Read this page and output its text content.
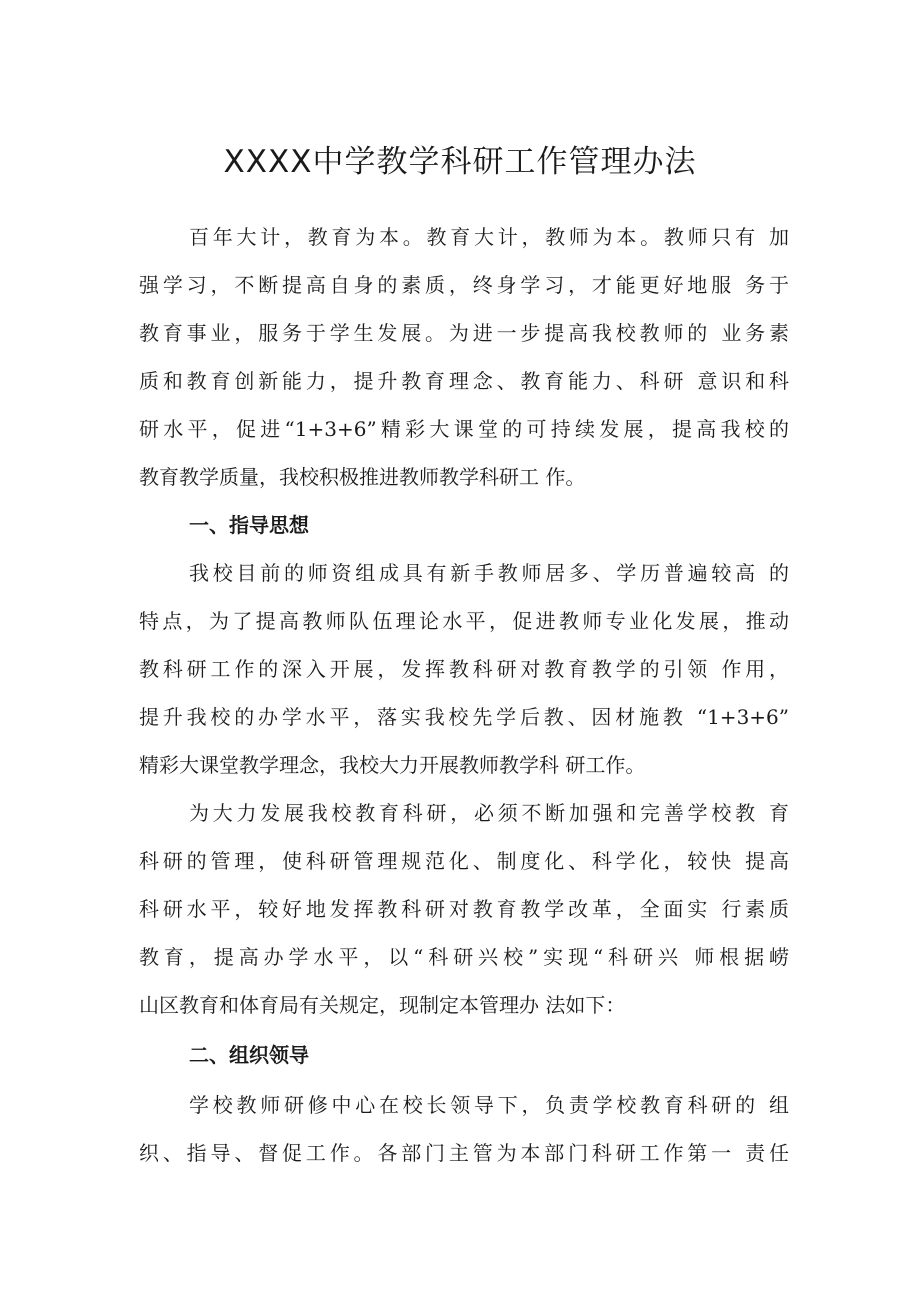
XXXX中学教学科研工作管理办法
百年大计，教育为本。教育大计，教师为本。教师只有 加
强学习，不断提高自身的素质，终身学习，才能更好地服 务于
教育事业，服务于学生发展。为进一步提高我校教师的 业务素
质和教育创新能力，提升教育理念、教育能力、科研 意识和科
研水平，促进“1+3+6”精彩大课堂的可持续发展，提高我校的
教育教学质量，我校积极推进教师教学科研工 作。
一、指导思想
我校目前的师资组成具有新手教师居多、学历普遍较高 的
特点，为了提高教师队伍理论水平，促进教师专业化发展，推动
教科研工作的深入开展，发挥教科研对教育教学的引领 作用，
提升我校的办学水平，落实我校先学后教、因材施教 “1+3+6”
精彩大课堂教学理念，我校大力开展教师教学科 研工作。
为大力发展我校教育科研，必须不断加强和完善学校教 育
科研的管理，使科研管理规范化、制度化、科学化，较快 提高
科研水平，较好地发挥教科研对教育教学改革，全面实 行素质
教育，提高办学水平，以“科研兴校”实现“科研兴 师根据崂
山区教育和体育局有关规定，现制定本管理办 法如下：
二、组织领导
学校教师研修中心在校长领导下，负责学校教育科研的 组
织、指导、督促工作。各部门主管为本部门科研工作第一 责任
